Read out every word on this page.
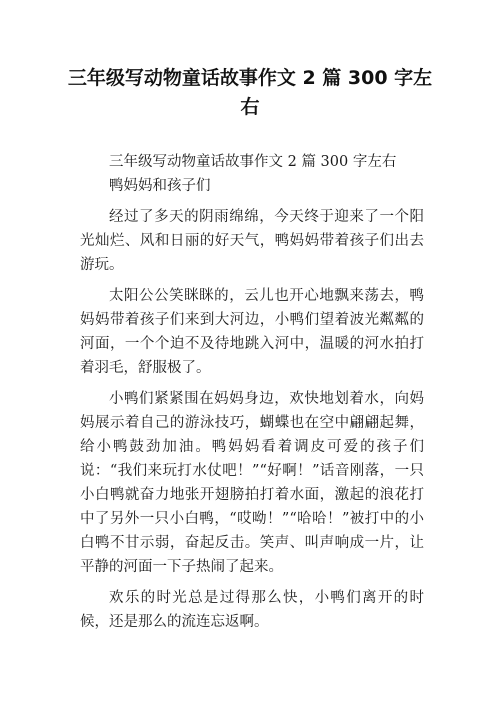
三年级写动物童话故事作文 2 篇 300 字左右

三年级写动物童话故事作文 2 篇 300 字左右

鸭妈妈和孩子们

经过了多天的阴雨绵绵，今天终于迎来了一个阳光灿烂、风和日丽的好天气，鸭妈妈带着孩子们出去游玩。

太阳公公笑眯眯的，云儿也开心地飘来荡去，鸭妈妈带着孩子们来到大河边，小鸭们望着波光粼粼的河面，一个个迫不及待地跳入河中，温暖的河水拍打着羽毛，舒服极了。

小鸭们紧紧围在妈妈身边，欢快地划着水，向妈妈展示着自己的游泳技巧，蝴蝶也在空中翩翩起舞，给小鸭鼓劲加油。鸭妈妈看着调皮可爱的孩子们说：“我们来玩打水仗吧！”“好啊！”话音刚落，一只小白鸭就奋力地张开翅膀拍打着水面，激起的浪花打中了另外一只小白鸭，“哎呦！”“哈哈！”被打中的小白鸭不甘示弱，奋起反击。笑声、叫声响成一片，让平静的河面一下子热闹了起来。

欢乐的时光总是过得那么快，小鸭们离开的时候，还是那么的流连忘返啊。
